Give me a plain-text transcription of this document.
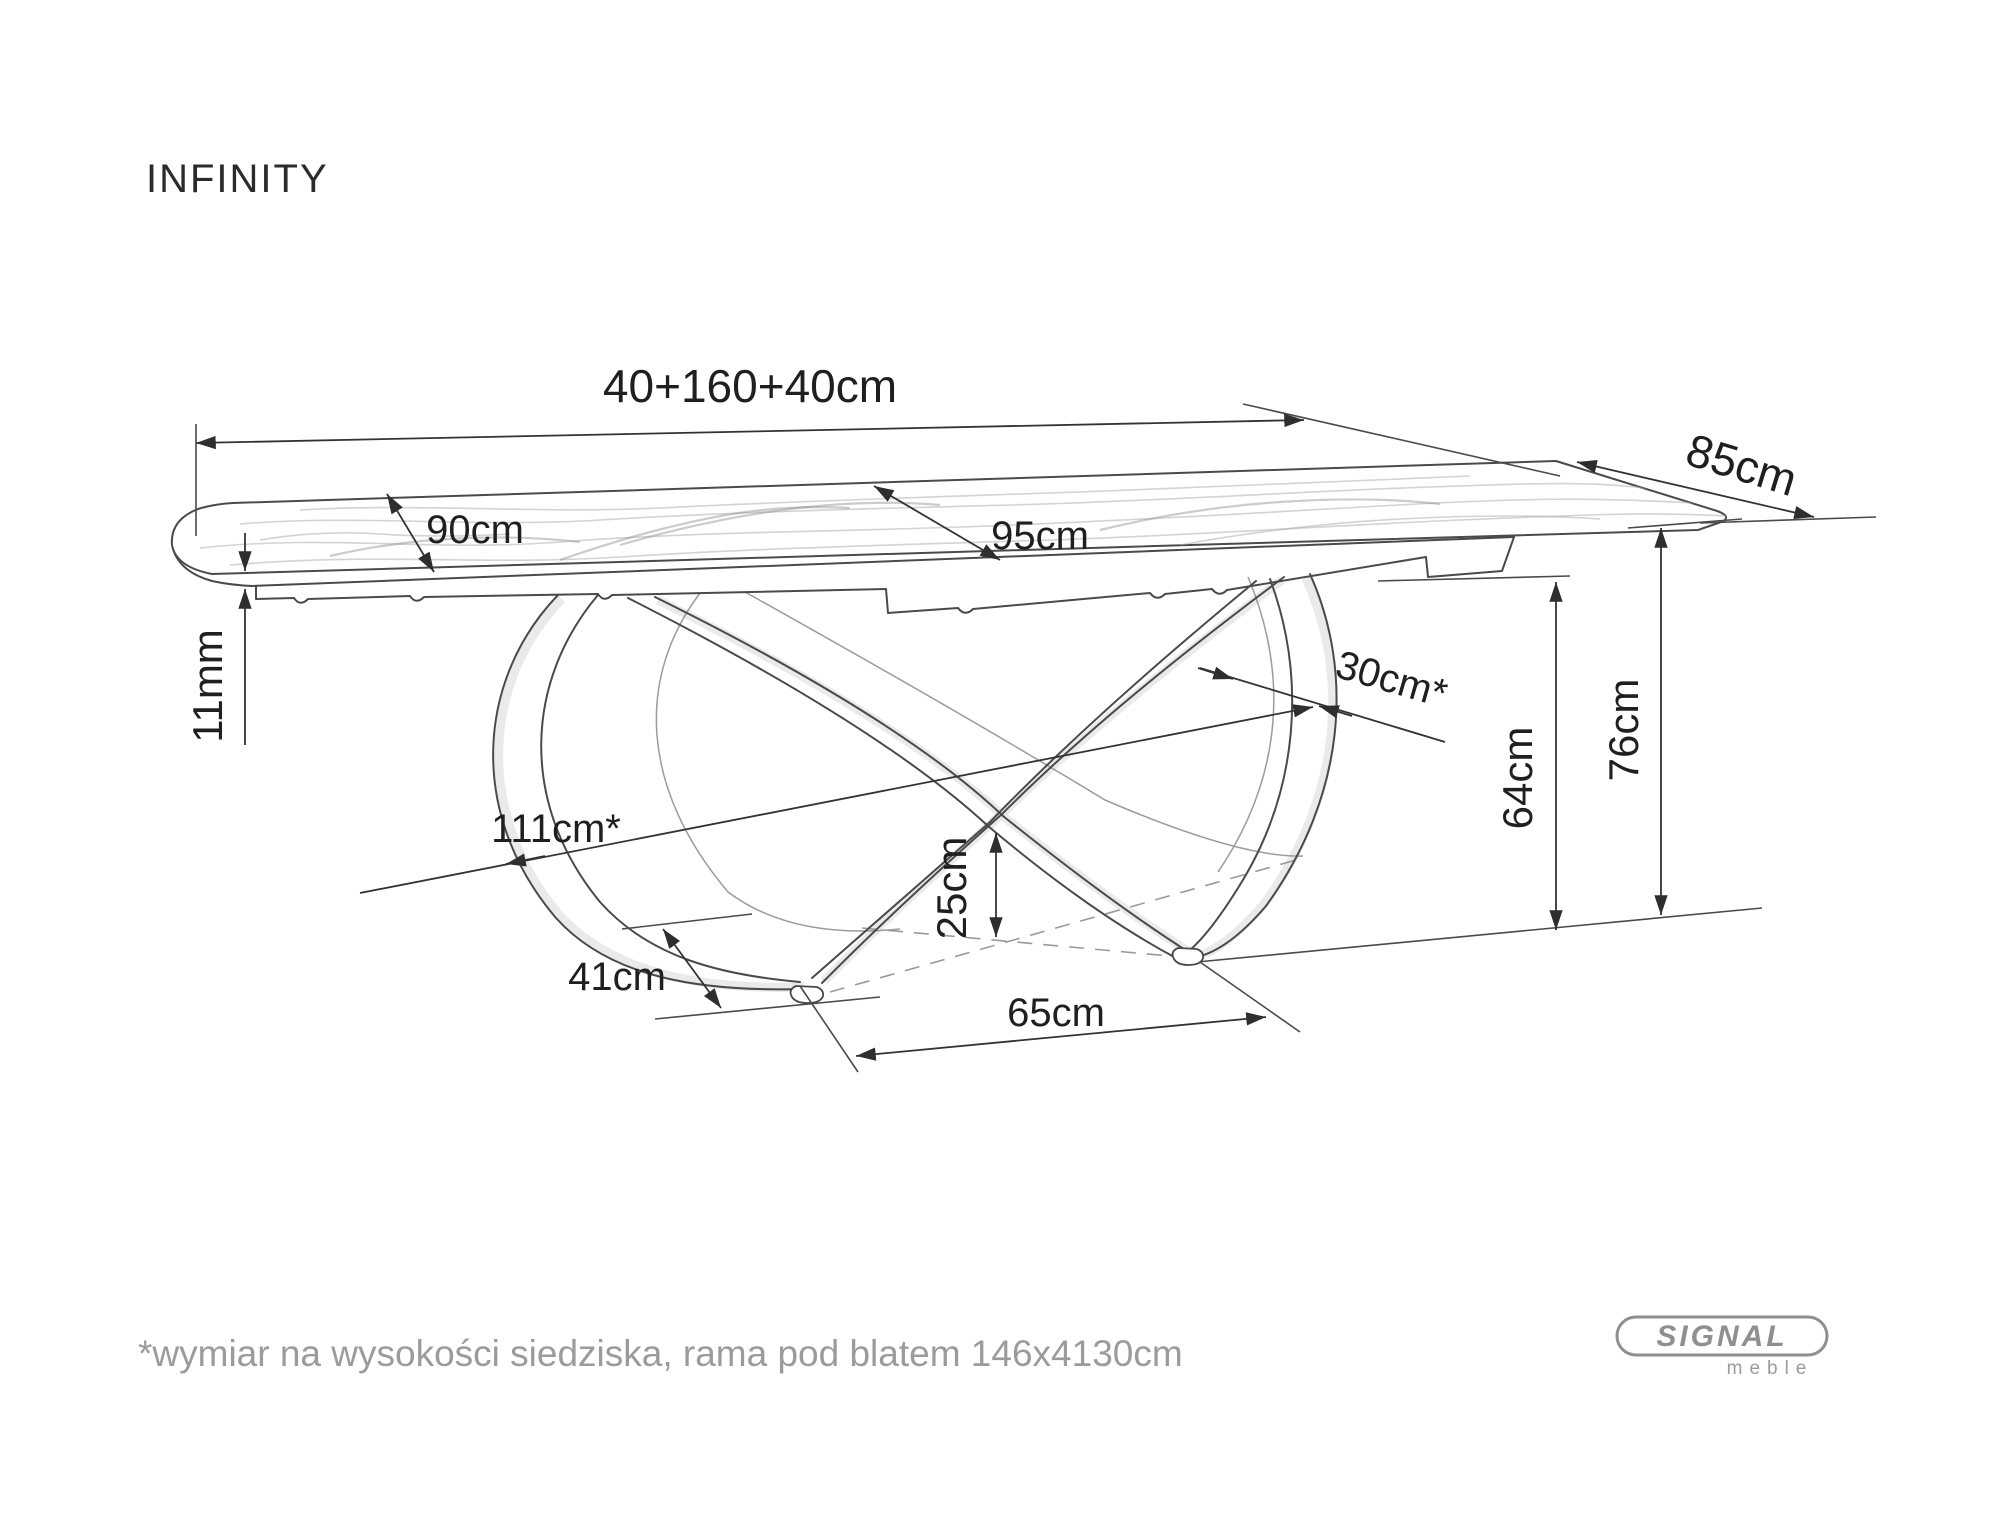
INFINITY
40+160+40cm
85cm
90cm	95cm
11mm
111cm*
30cm*
64cm 76cm
25cm
41cm
65cm
*wymiar na wysokości siedziska, rama pod blatem 146x4130cm	SIGNAL
meble
